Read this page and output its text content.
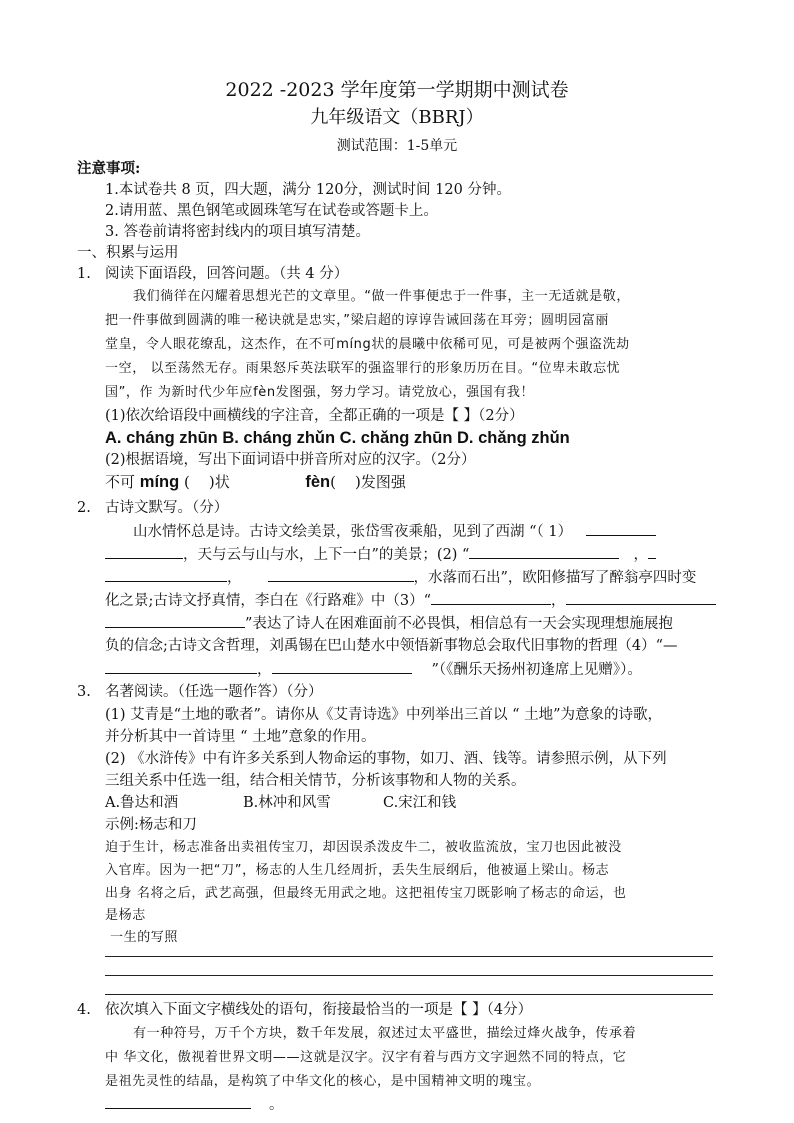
2022 -2023 学年度第一学期期中测试卷
九年级语文（BBRJ）
测试范围：1-5单元
注意事项:
1.本试卷共 8 页，四大题，满分 120分，测试时间 120 分钟。
2.请用蓝、黑色钢笔或圆珠笔写在试卷或答题卡上。
3. 答卷前请将密封线内的项目填写清楚。
一、积累与运用
1. 阅读下面语段，回答问题。（共 4 分）
我们徜徉在闪耀着思想光芒的文章里。“做一件事便忠于一件事，主一无适就是敬，
把一件事做到圆满的唯一秘诀就是忠实，”梁启超的谆谆告诫回荡在耳旁；圆明园富丽
堂皇，令人眼花缭乱，这杰作，在不可míng状的晨曦中依稀可见，可是被两个强盗洗劫
一空， 以至荡然无存。雨果怒斥英法联军的强盗罪行的形象历历在目。“位卑未敢忘忧
国”，作 为新时代少年应fèn发图强，努力学习。请党放心，强国有我！
(1)依次给语段中画横线的字注音，全都正确的一项是【 】（2分）
A. cháng zhūn B. cháng zhǔn C. chǎng zhūn D. chǎng zhǔn
(2)根据语境，写出下面词语中拼音所对应的汉字。（2分）
不可 míng (    )状	fèn(    )发图强
2. 古诗文默写。（分）
山水情怀总是诗。古诗文绘美景，张岱雪夜乘船，见到了西湖 “（ 1）
，天与云与山与水，上下一白”的美景；(2) “	，
，	，水落而石出”，欧阳修描写了醉翁亭四时变
化之景;古诗文抒真情，李白在《行路难》中（3）“	，
”表达了诗人在困难面前不必畏惧，相信总有一天会实现理想施展抱
负的信念;古诗文含哲理，刘禹锡在巴山楚水中领悟新事物总会取代旧事物的哲理（4）“—
，	”（《酬乐天扬州初逢席上见赠》）。
3. 名著阅读。（任选一题作答）（分）
(1) 艾青是“土地的歌者”。请你从《艾青诗选》中列举出三首以 “ 土地”为意象的诗歌，
并分析其中一首诗里 “ 土地”意象的作用。
(2) 《水浒传》中有许多关系到人物命运的事物，如刀、酒、钱等。请参照示例，从下列
三组关系中任选一组，结合相关情节，分析该事物和人物的关系。
A.鲁达和酒	B.林冲和风雪	C.宋江和钱
示例:杨志和刀
迫于生计，杨志准备出卖祖传宝刀，却因误杀泼皮牛二，被收监流放，宝刀也因此被没
入官库。因为一把“刀”，杨志的人生几经周折，丢失生辰纲后，他被逼上梁山。杨志
出身 名将之后，武艺高强，但最终无用武之地。这把祖传宝刀既影响了杨志的命运，也
是杨志
一生的写照
4. 依次填入下面文字横线处的语句，衔接最恰当的一项是【 】（4分）
有一种符号，万千个方块，数千年发展，叙述过太平盛世，描绘过烽火战争，传承着
中 华文化，傲视着世界文明——这就是汉字。汉字有着与西方文字迥然不同的特点，它
是祖先灵性的结晶，是构筑了中华文化的核心，是中国精神文明的瑰宝。
。
